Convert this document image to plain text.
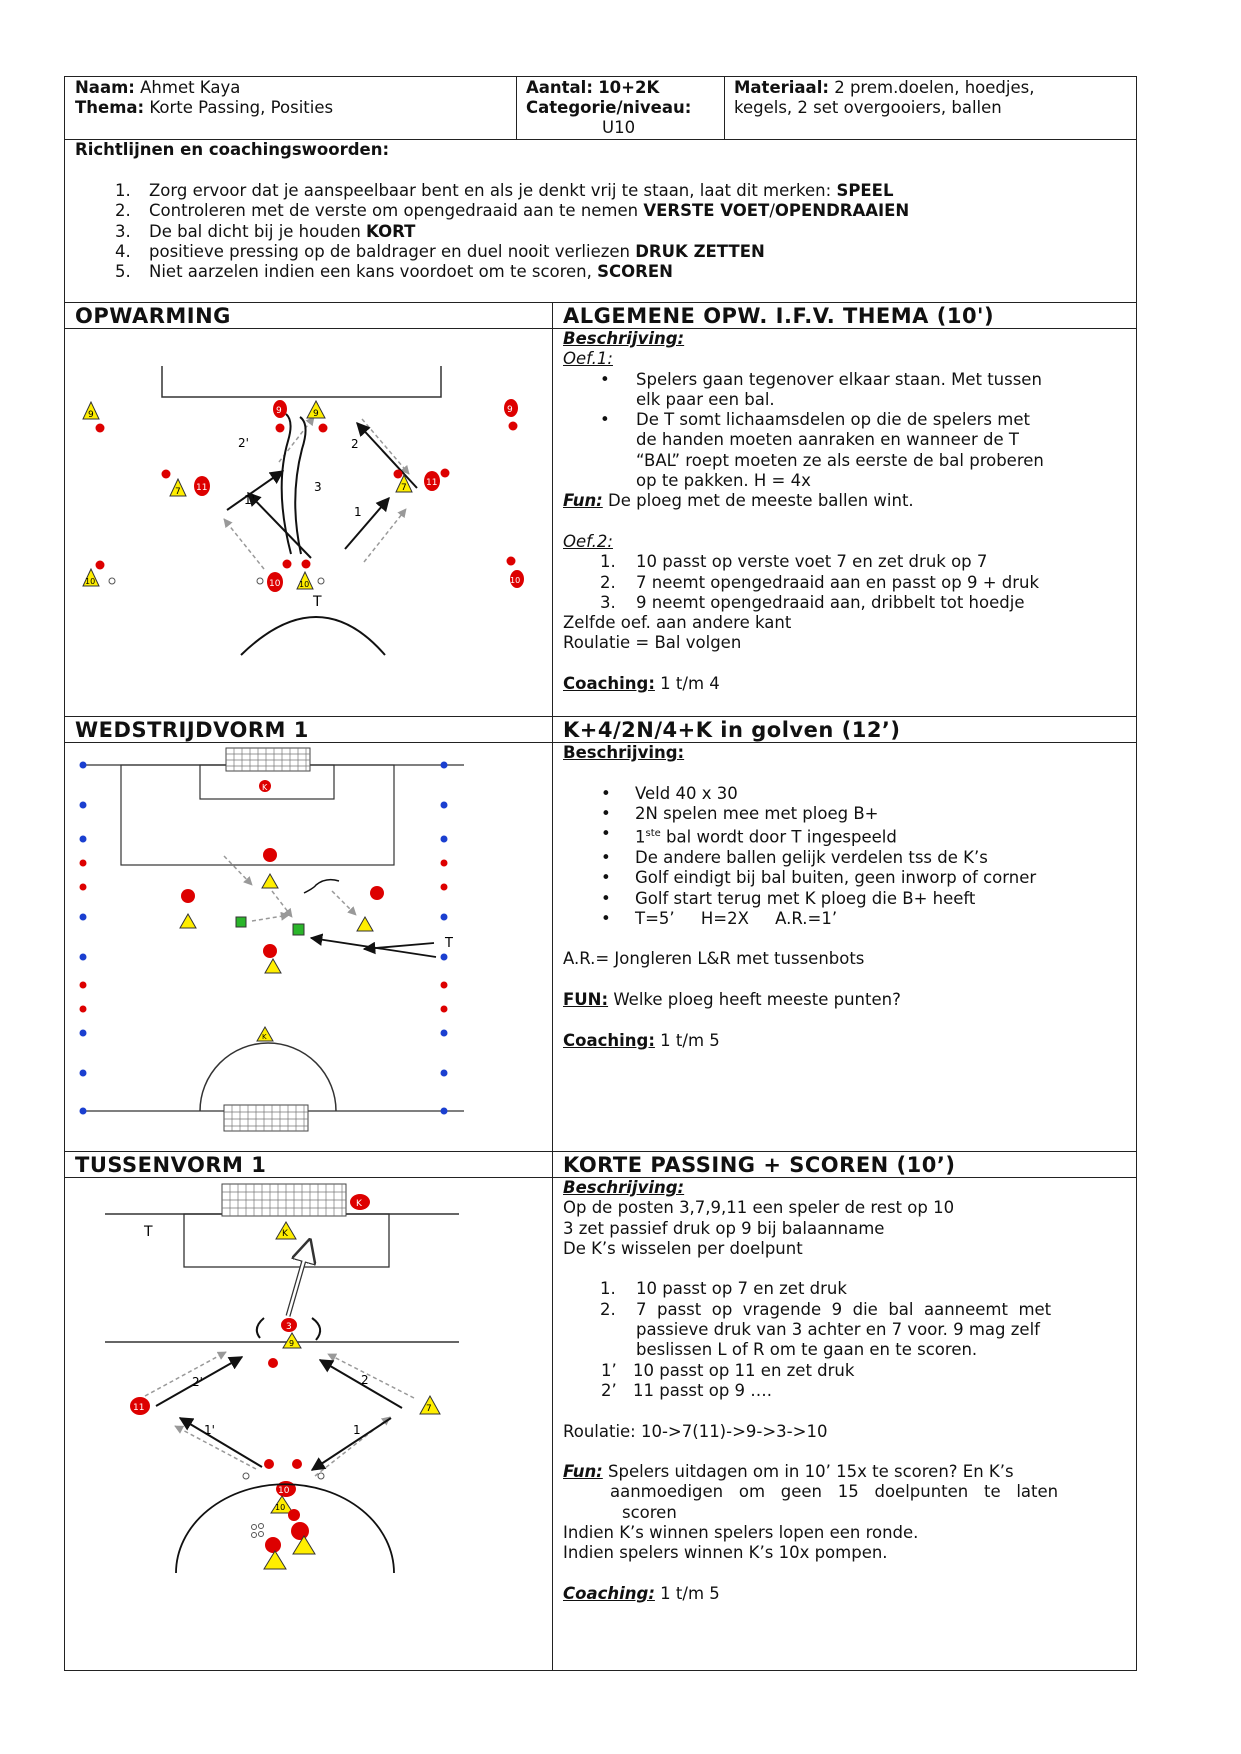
Naam: Ahmet Kaya
Thema: Korte Passing, Posities
Aantal: 10+2K
Categorie/niveau:
U10
Materiaal: 2 prem.doelen, hoedjes,
kegels, 2 set overgooiers, ballen
Richtlijnen en coachingswoorden:
1. Zorg ervoor dat je aanspeelbaar bent en als je denkt vrij te staan, laat dit merken: SPEEL
2. Controleren met de verste om opengedraaid aan te nemen VERSTE VOET/OPENDRAAIEN
3. De bal dicht bij je houden KORT
4. positieve pressing op de baldrager en duel nooit verliezen DRUK ZETTEN
5. Niet aarzelen indien een kans voordoet om te scoren, SCOREN
OPWARMING	ALGEMENE OPW. I.F.V. THEMA (10')

Beschrijving:

Oef.1:

• Spelers gaan tegenover elkaar staan. Met tussen
elk paar een bal.
• De T somt lichaamsdelen op die de spelers met
de handen moeten aanraken en wanneer de T
“BAL” roept moeten ze als eerste de bal proberen
op te pakken. H = 4x

Fun: De ploeg met de meeste ballen wint.

Oef.2:

1. 10 passt op verste voet 7 en zet druk op 7
2. 7 neemt opengedraaid aan en passt op 9 + druk
3. 9 neemt opengedraaid aan, dribbelt tot hoedje

Zelfde oef. aan andere kant

Roulatie = Bal volgen

Coaching: 1 t/m 4

T
2'
1'
3
2
1
9	9	9	9
7 11	7 11
10	10 10	10
WEDSTRIJDVORM 1	K+4/2N/4+K in golven (12’)

Beschrijving:

• Veld 40 x 30
• 2N spelen mee met ploeg B+
• 1ste bal wordt door T ingespeeld
• De andere ballen gelijk verdelen tss de K’s
• Golf eindigt bij bal buiten, geen inworp of corner
• Golf start terug met K ploeg die B+ heeft
• T=5’     H=2X     A.R.=1’

A.R.= Jongleren L&R met tussenbots

FUN: Welke ploeg heeft meeste punten?

Coaching: 1 t/m 5

K
K
T
TUSSENVORM 1	KORTE PASSING + SCOREN (10’)

Beschrijving:

Op de posten 3,7,9,11 een speler de rest op 10

3 zet passief druk op 9 bij balaanname

De K’s wisselen per doelpunt

1. 10 passt op 7 en zet druk
2. 7  passt  op  vragende  9  die  bal  aanneemt  met
passieve druk van 3 achter en 7 voor. 9 mag zelf
beslissen L of R om te gaan en te scoren.
1’ 10 passt op 11 en zet druk
2’ 11 passt op 9 ….

Roulatie: 10->7(11)->9->3->10

Fun: Spelers uitdagen om in 10’ 15x te scoren? En K’s

aanmoedigen   om   geen   15   doelpunten   te   laten

scoren

Indien K’s winnen spelers lopen een ronde.

Indien spelers winnen K’s 10x pompen.

Coaching: 1 t/m 5

K
T	K
3
9
2'
1'
2
1
11	7
10
10
